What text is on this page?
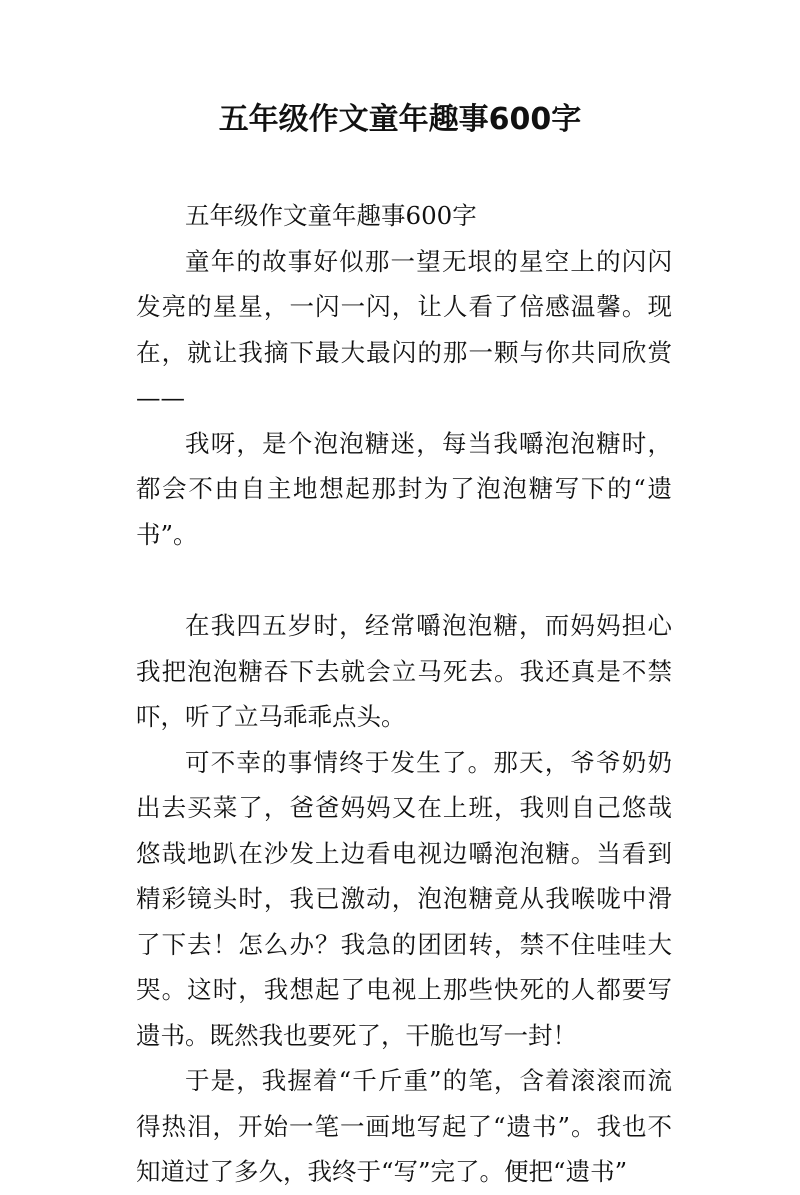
五年级作文童年趣事600字

五年级作文童年趣事600字

童年的故事好似那一望无垠的星空上的闪闪发亮的星星，一闪一闪，让人看了倍感温馨。现在，就让我摘下最大最闪的那一颗与你共同欣赏——

我呀，是个泡泡糖迷，每当我嚼泡泡糖时，都会不由自主地想起那封为了泡泡糖写下的“遗书”。

在我四五岁时，经常嚼泡泡糖，而妈妈担心我把泡泡糖吞下去就会立马死去。我还真是不禁吓，听了立马乖乖点头。

可不幸的事情终于发生了。那天，爷爷奶奶出去买菜了，爸爸妈妈又在上班，我则自己悠哉悠哉地趴在沙发上边看电视边嚼泡泡糖。当看到精彩镜头时，我已激动，泡泡糖竟从我喉咙中滑了下去！怎么办？我急的团团转，禁不住哇哇大哭。这时，我想起了电视上那些快死的人都要写遗书。既然我也要死了，干脆也写一封！

于是，我握着“千斤重”的笔，含着滚滚而流得热泪，开始一笔一画地写起了“遗书”。我也不知道过了多久，我终于“写”完了。便把“遗书”
